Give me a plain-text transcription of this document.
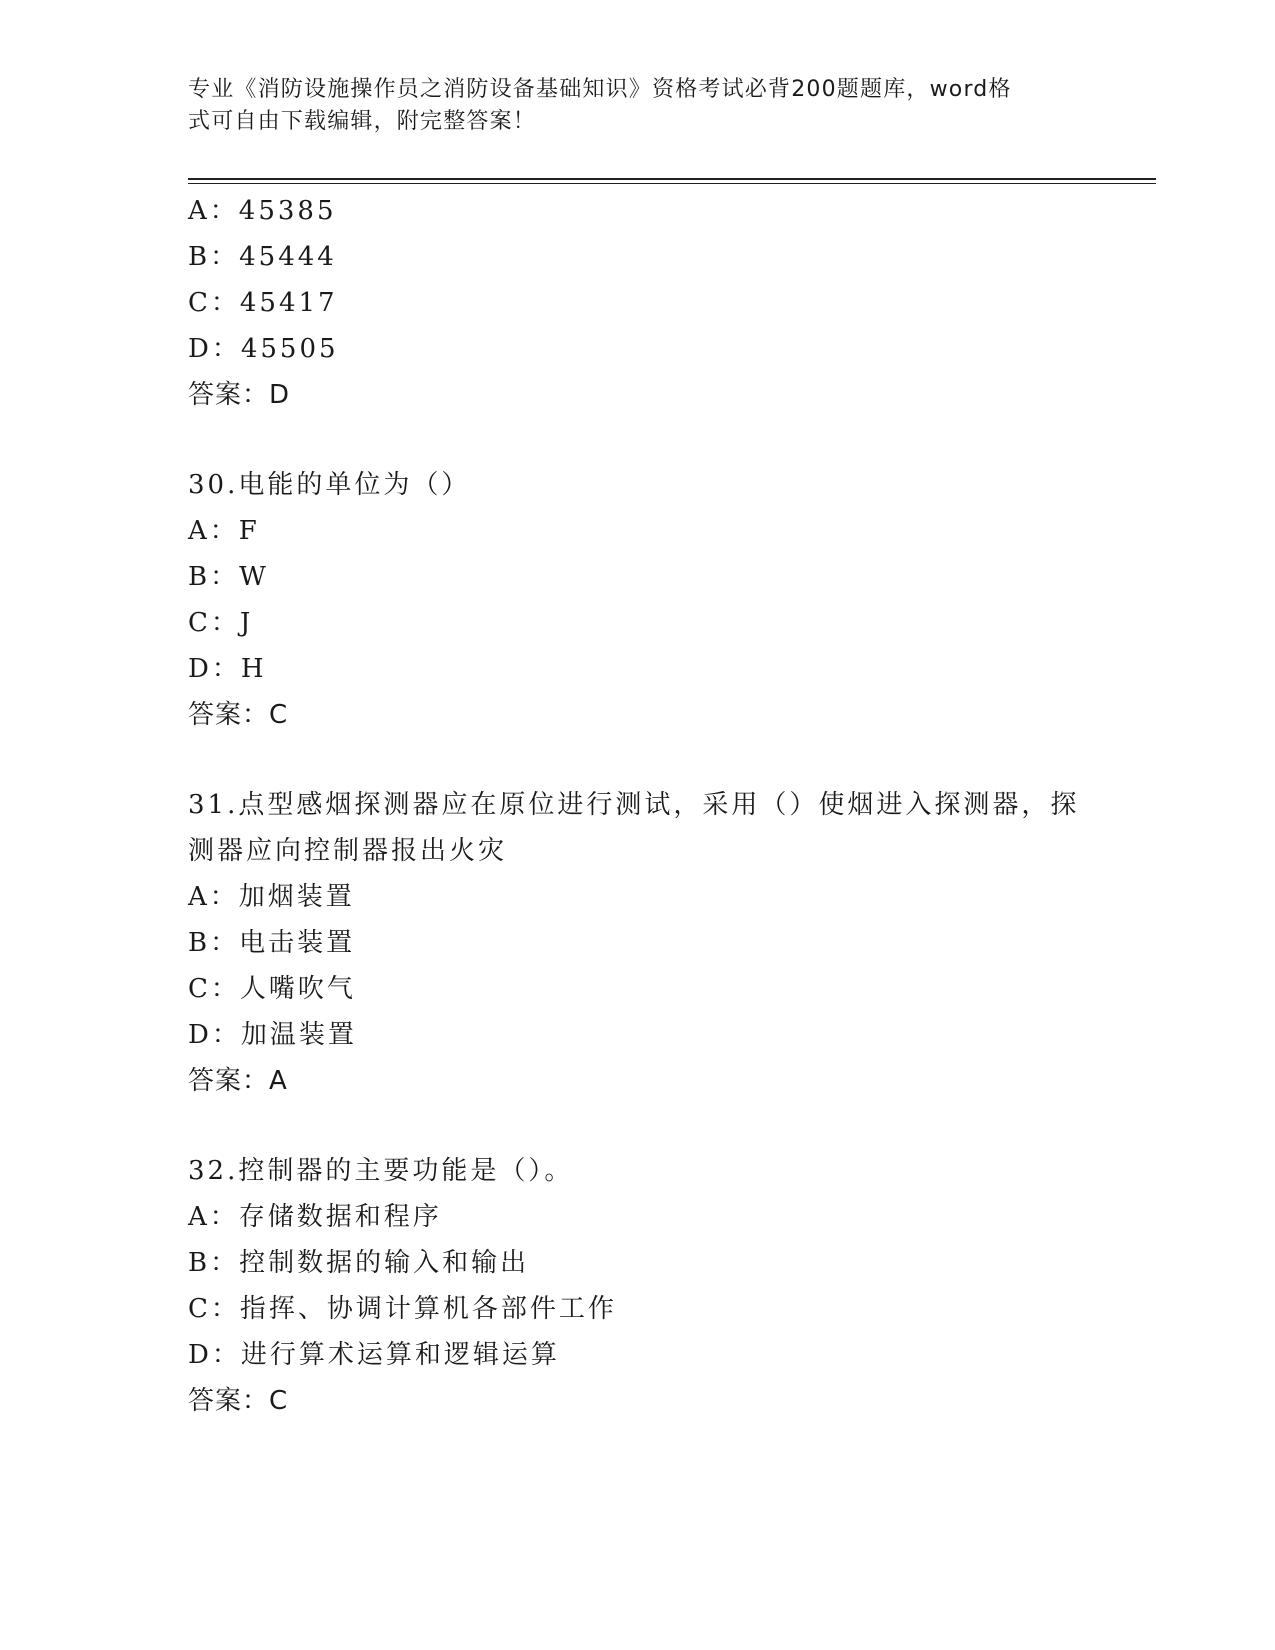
专业《消防设施操作员之消防设备基础知识》资格考试必背200题题库，word格
式可自由下载编辑，附完整答案！
A：45385
B：45444
C：45417
D：45505
答案：D
30.电能的单位为（）
A：F
B：W
C：J
D：H
答案：C
31.点型感烟探测器应在原位进行测试，采用（）使烟进入探测器，探
测器应向控制器报出火灾
A：加烟装置
B：电击装置
C：人嘴吹气
D：加温装置
答案：A
32.控制器的主要功能是（）。
A：存储数据和程序
B：控制数据的输入和输出
C：指挥、协调计算机各部件工作
D：进行算术运算和逻辑运算
答案：C
